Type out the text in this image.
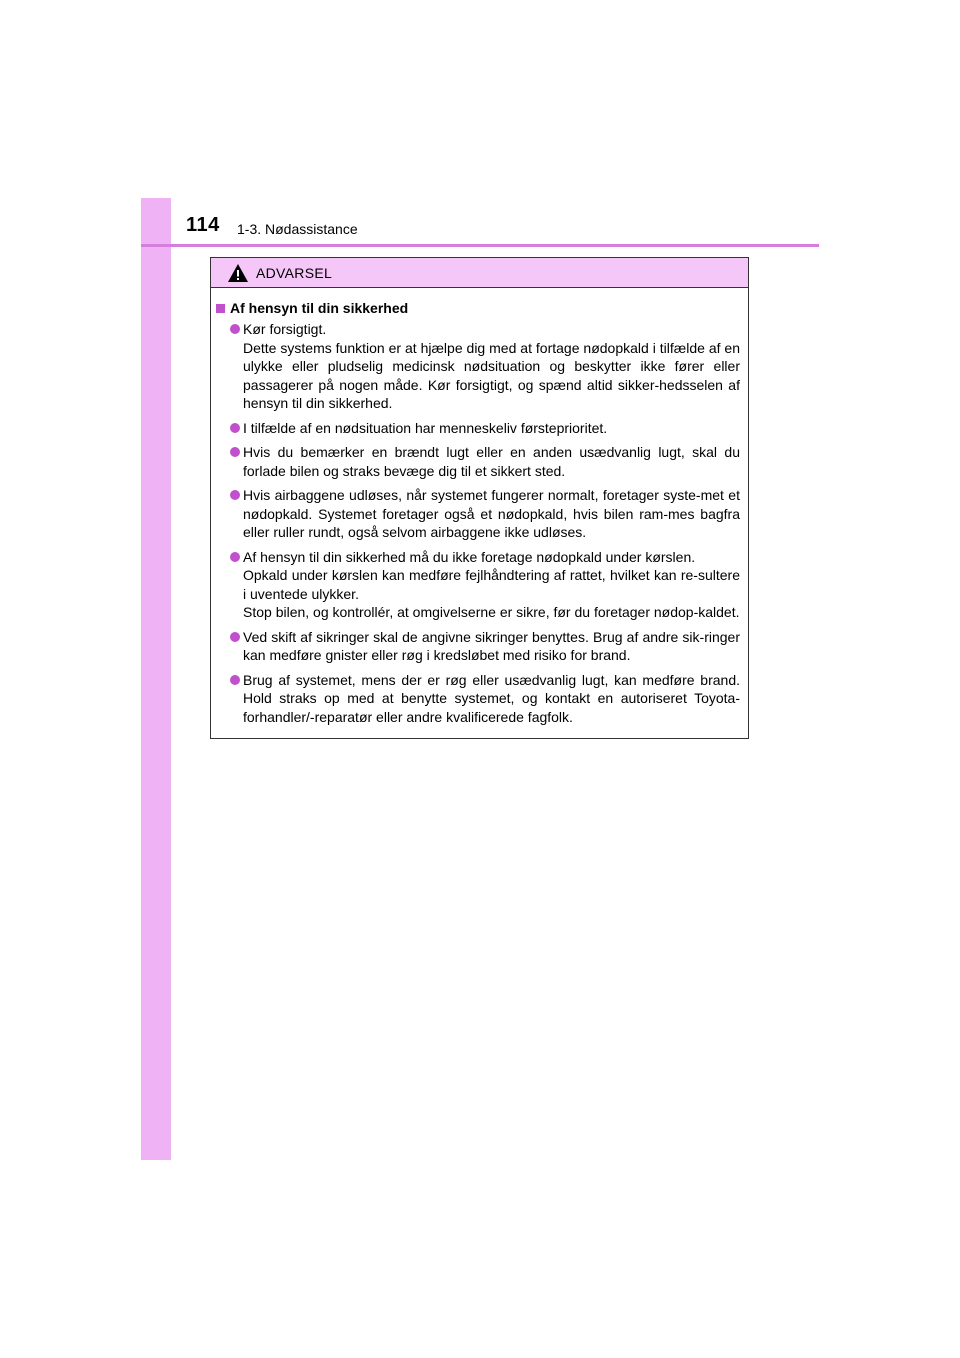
114 1-3. Nødassistance
ADVARSEL
Af hensyn til din sikkerhed

Kør forsigtigt.

Dette systems funktion er at hjælpe dig med at fortage nødopkald i tilfælde af en ulykke eller pludselig medicinsk nødsituation og beskytter ikke fører eller passagerer på nogen måde. Kør forsigtigt, og spænd altid sikker-hedsselen af hensyn til din sikkerhed.

I tilfælde af en nødsituation har menneskeliv førsteprioritet.

Hvis du bemærker en brændt lugt eller en anden usædvanlig lugt, skal du forlade bilen og straks bevæge dig til et sikkert sted.

Hvis airbaggene udløses, når systemet fungerer normalt, foretager syste-met et nødopkald. Systemet foretager også et nødopkald, hvis bilen ram-mes bagfra eller ruller rundt, også selvom airbaggene ikke udløses.

Af hensyn til din sikkerhed må du ikke foretage nødopkald under kørslen.

Opkald under kørslen kan medføre fejlhåndtering af rattet, hvilket kan re-sultere i uventede ulykker.

Stop bilen, og kontrollér, at omgivelserne er sikre, før du foretager nødop-kaldet.

Ved skift af sikringer skal de angivne sikringer benyttes. Brug af andre sik-ringer kan medføre gnister eller røg i kredsløbet med risiko for brand.

Brug af systemet, mens der er røg eller usædvanlig lugt, kan medføre brand. Hold straks op med at benytte systemet, og kontakt en autoriseret Toyota-forhandler/-reparatør eller andre kvalificerede fagfolk.
